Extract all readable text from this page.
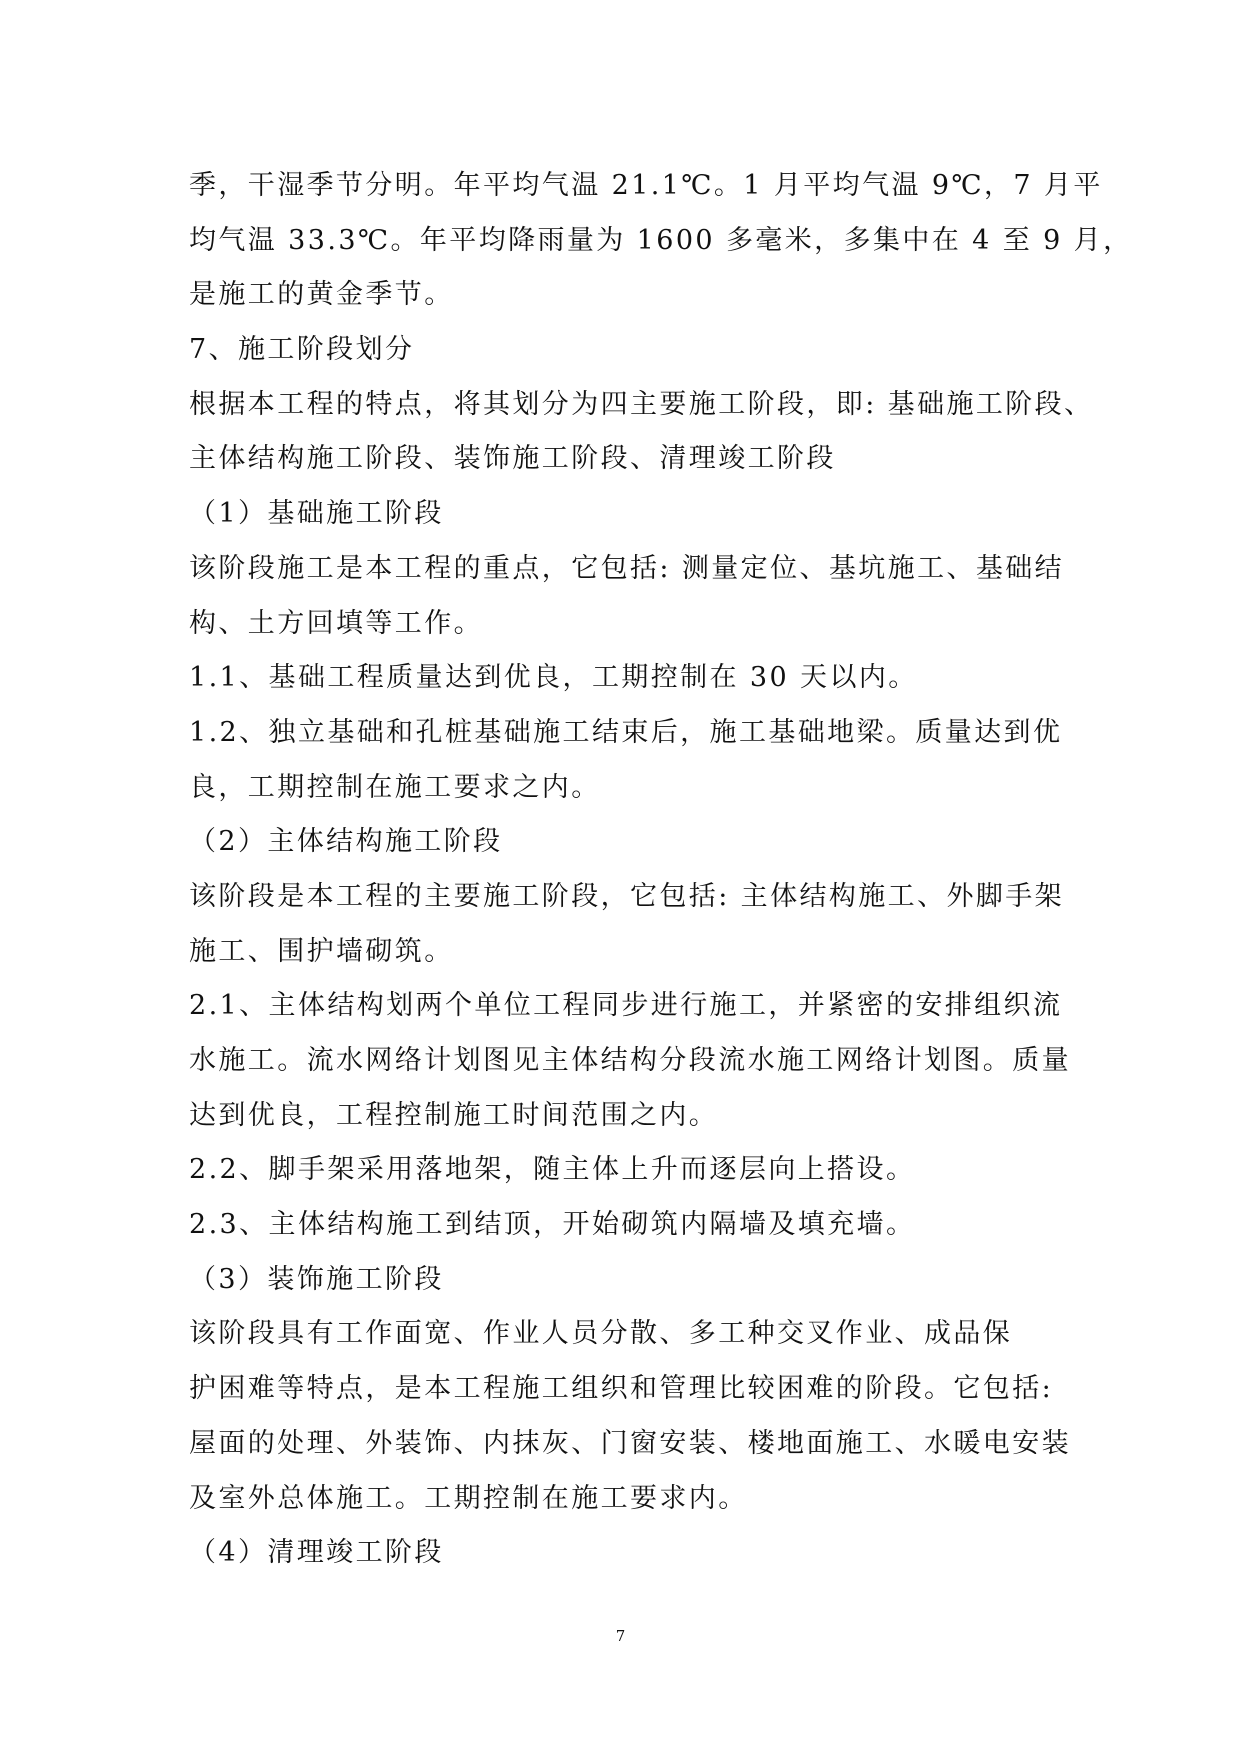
季，干湿季节分明。年平均气温 21.1℃。1 月平均气温 9℃，7 月平
均气温 33.3℃。年平均降雨量为 1600 多毫米，多集中在 4 至 9 月，
是施工的黄金季节。
7、施工阶段划分
根据本工程的特点，将其划分为四主要施工阶段，即: 基础施工阶段、
主体结构施工阶段、装饰施工阶段、清理竣工阶段
（1）基础施工阶段
该阶段施工是本工程的重点，它包括: 测量定位、基坑施工、基础结
构、土方回填等工作。
1.1、基础工程质量达到优良，工期控制在 30 天以内。
1.2、独立基础和孔桩基础施工结束后，施工基础地梁。质量达到优
良，工期控制在施工要求之内。
（2）主体结构施工阶段
该阶段是本工程的主要施工阶段，它包括: 主体结构施工、外脚手架
施工、围护墙砌筑。
2.1、主体结构划两个单位工程同步进行施工，并紧密的安排组织流
水施工。流水网络计划图见主体结构分段流水施工网络计划图。质量
达到优良，工程控制施工时间范围之内。
2.2、脚手架采用落地架，随主体上升而逐层向上搭设。
2.3、主体结构施工到结顶，开始砌筑内隔墙及填充墙。
（3）装饰施工阶段
该阶段具有工作面宽、作业人员分散、多工种交叉作业、成品保
护困难等特点，是本工程施工组织和管理比较困难的阶段。它包括:
屋面的处理、外装饰、内抹灰、门窗安装、楼地面施工、水暖电安装
及室外总体施工。工期控制在施工要求内。
（4）清理竣工阶段
7
